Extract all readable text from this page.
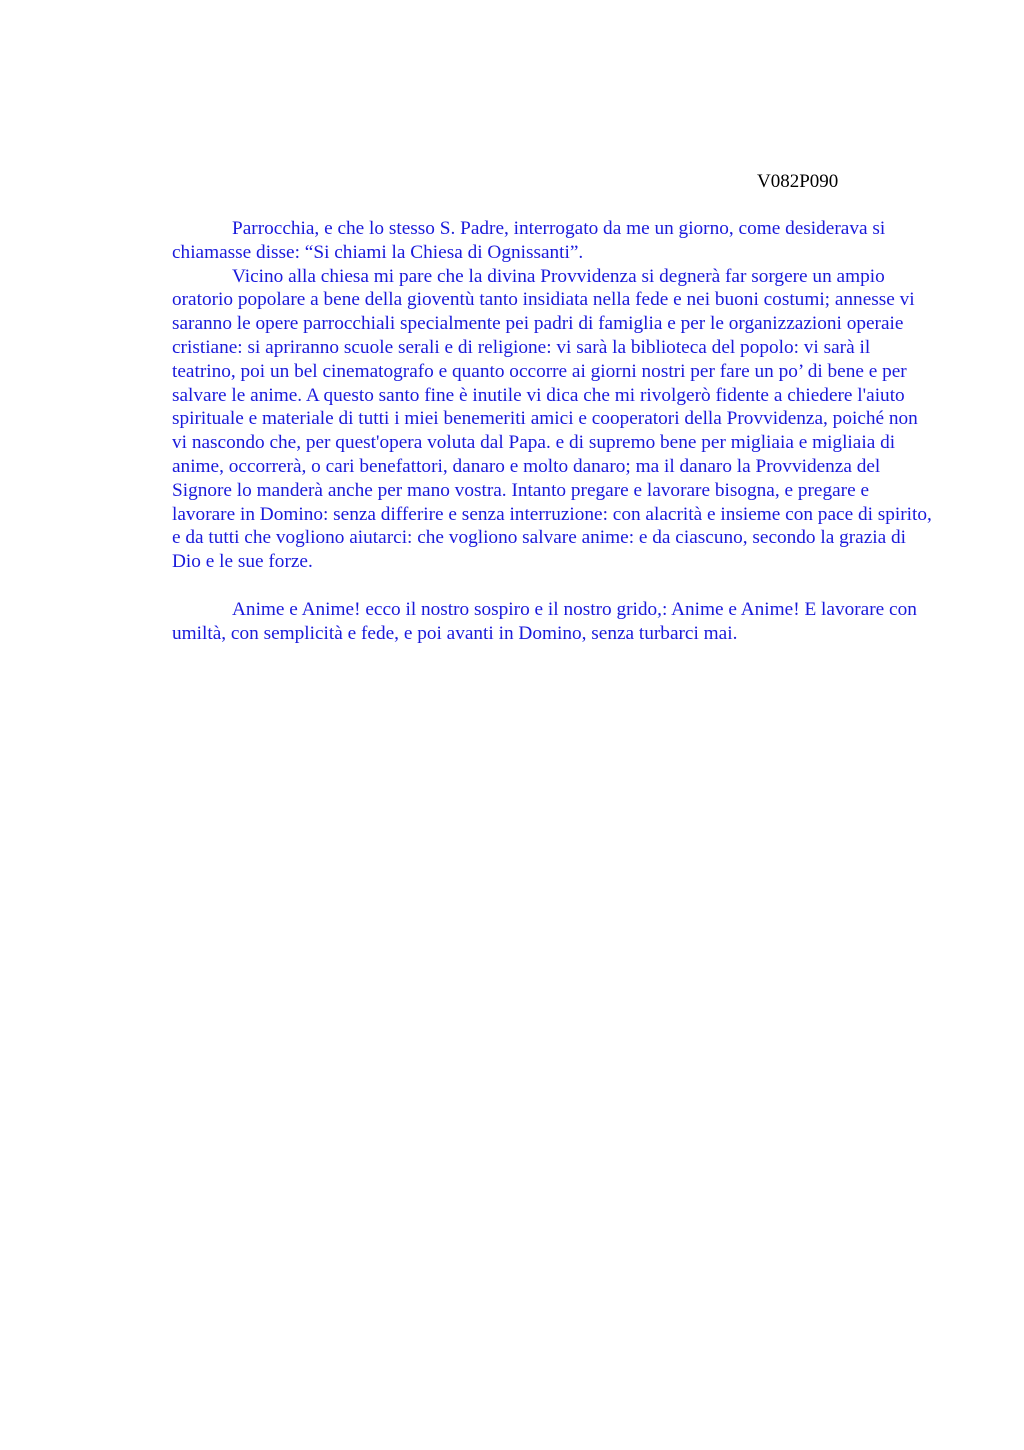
V082P090

Parrocchia, e che lo stesso S. Padre, interrogato da me un giorno, come desiderava si chiamasse disse: “Si chiami la Chiesa di Ognissanti”.

Vicino alla chiesa mi pare che la divina Provvidenza si degnerà far sorgere un ampio oratorio popolare a bene della gioventù tanto insidiata nella fede e nei buoni costumi; annesse vi saranno le opere parrocchiali specialmente pei padri di famiglia e per le organizzazioni operaie cristiane: si apriranno scuole serali e di religione: vi sarà la biblioteca del popolo: vi sarà il teatrino, poi un bel cinematografo e quanto occorre ai giorni nostri per fare un po’ di bene e per salvare le anime. A questo santo fine è inutile vi dica che mi rivolgerò fidente a chiedere l'aiuto spirituale e materiale di tutti i miei benemeriti amici e cooperatori della Provvidenza, poiché non vi nascondo che, per quest'opera voluta dal Papa. e di supremo bene per migliaia e migliaia di anime, occorrerà, o cari benefattori, danaro e molto danaro; ma il danaro la Provvidenza del Signore lo manderà anche per mano vostra. Intanto pregare e lavorare bisogna, e pregare e lavorare in Domino: senza differire e senza interruzione: con alacrità e insieme con pace di spirito, e da tutti che vogliono aiutarci: che vogliono salvare anime: e da ciascuno, secondo la grazia di Dio e le sue forze.

Anime e Anime! ecco il nostro sospiro e il nostro grido,: Anime e Anime! E lavorare con umiltà, con semplicità e fede, e poi avanti in Domino, senza turbarci mai.
